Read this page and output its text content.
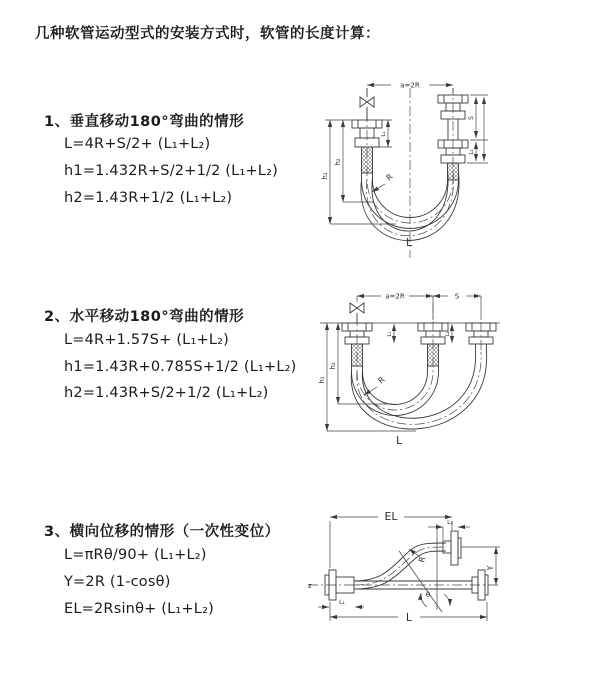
几种软管运动型式的安装方式时，软管的长度计算：
1、垂直移动180°弯曲的情形
L=4R+S/2+ (L₁+L₂)
h1=1.432R+S/2+1/2 (L₁+L₂)
h2=1.43R+1/2 (L₁+L₂)
2、水平移动180°弯曲的情形
L=4R+1.57S+ (L₁+L₂)
h1=1.43R+0.785S+1/2 (L₁+L₂)
h2=1.43R+S/2+1/2 (L₁+L₂)
3、横向位移的情形（一次性变位）
L=πRθ/90+ (L₁+L₂)
Y=2R (1-cosθ)
EL=2Rsinθ+ (L₁+L₂)
a=2R
h₁
h₂
L₁
S
L₂
R
L
a=2R	S
h₁
h₂
L₁	L₂
R
L
z
EL	L₂
θ
R
Y
L
L₁
